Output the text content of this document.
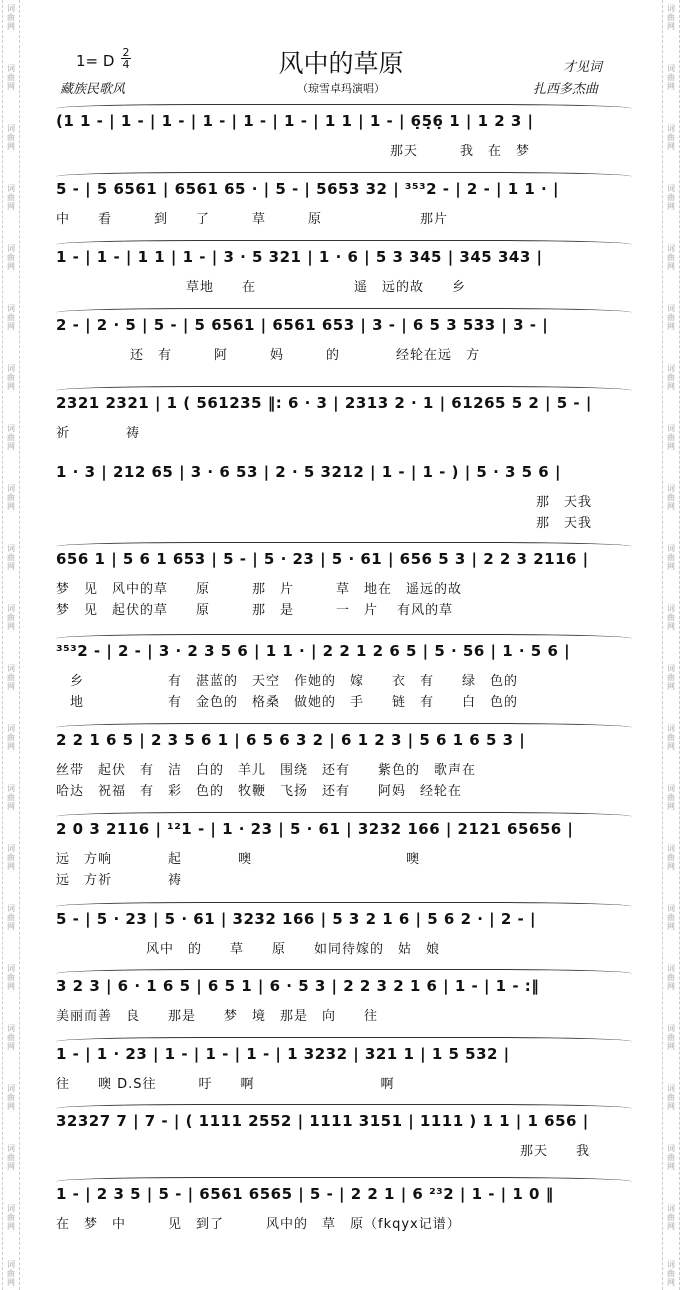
词曲网
词曲网
词曲网
词曲网
词曲网
词曲网
词曲网
词曲网
词曲网
词曲网
词曲网
词曲网
词曲网
词曲网
词曲网
词曲网
词曲网
词曲网
词曲网
词曲网
词曲网
词曲网
词曲网
词曲网
词曲网
词曲网
词曲网
词曲网
词曲网
词曲网
词曲网
词曲网
词曲网
词曲网
词曲网
词曲网
词曲网
词曲网
词曲网
词曲网
词曲网
词曲网
词曲网
词曲网
1= D 2
4	风中的草原	才见词
藏族民歌风	（琼雪卓玛演唱）	扎西多杰曲
(1 1 - | 1 - | 1 - | 1 - | 1 - | 1 - | 1 1 | 1 - | 6̣5̣6̣ 1 | 1 2 3 |
那天　　　我　在　梦
5 - | 5 6561 | 6561 65 · | 5 - | 5653 32 | ³⁵³2 - | 2 - | 1 1 · |
中　　看　　　到　　了　　　草　　　原　　　　　　　那片
1 - | 1 - | 1 1 | 1 - | 3 · 5 321 | 1 · 6 | 5 3 345 | 345 343 |
草地　　在　　　　　　　遥　远的故　　乡
2 - | 2 · 5 | 5 - | 5 6561 | 6561 653 | 3 - | 6 5 3 533 | 3 - |
还　有　　　阿　　　妈　　　的　　　　经轮在远　方
2321 2321 | 1 ( 561235 ‖: 6 · 3 | 2313 2 · 1 | 61265 5 2 | 5 - |
祈　　　　祷
1 · 3 | 212 65 | 3 · 6 53 | 2 · 5 3212 | 1 - | 1 - ) | 5 · 3 5 6 |
那　天我
那　天我
656 1 | 5 6 1 653 | 5 - | 5 · 23 | 5 · 61 | 656 5 3 | 2 2 3 2116 |
梦　见　风中的草　　原　　　那　片　　　草　地在　遥远的故
梦　见　起伏的草　　原　　　那　是　　　一　片　 有风的草
³⁵³2 - | 2 - | 3 · 2 3 5 6 | 1 1 · | 2 2 1 2 6 5 | 5 · 56 | 1 · 5 6 |
乡　　　　　　有　湛蓝的　天空　作她的　嫁　　衣　有　　绿　色的
地　　　　　　有　金色的　格桑　做她的　手　　链　有　　白　色的
2 2 1 6 5 | 2 3 5 6 1 | 6 5 6 3 2 | 6 1 2 3 | 5 6 1 6 5 3 |
丝带　起伏　有　洁　白的　羊儿　围绕　还有　　紫色的　歌声在
哈达　祝福　有　彩　色的　牧鞭　飞扬　还有　　阿妈　经轮在
2 0 3 2116 | ¹²1 - | 1 · 23 | 5 · 61 | 3232 166 | 2121 65656 |
远　方响　　　　起　　　　噢　　　　　　　　　　　噢
远　方祈　　　　祷
5 - | 5 · 23 | 5 · 61 | 3232 166 | 5 3 2 1 6 | 5 6 2 · | 2 - |
风中　的　　草　　原　　如同待嫁的　姑　娘
3 2 3 | 6 · 1 6 5 | 6 5 1 | 6 · 5 3 | 2 2 3 2 1 6 | 1 - | 1 - :‖
美丽而善　良　　那是　　梦　境　那是　向　　往
1 - | 1 · 23 | 1 - | 1 - | 1 - | 1 3232 | 321 1 | 1 5 532 |
往　　噢 D.S往　　　吁　　啊　　　　　　　　　啊
32327 7 | 7 - | ( 1111 2552 | 1111 3151 | 1111 ) 1 1 | 1 656 |
那天　　我
1 - | 2 3 5 | 5 - | 6561 6565 | 5 - | 2 2 1 | 6 ²³2 | 1 - | 1 0 ‖
在　梦　中　　　见　到了　　　风中的　草　原（fkqyx记谱）
